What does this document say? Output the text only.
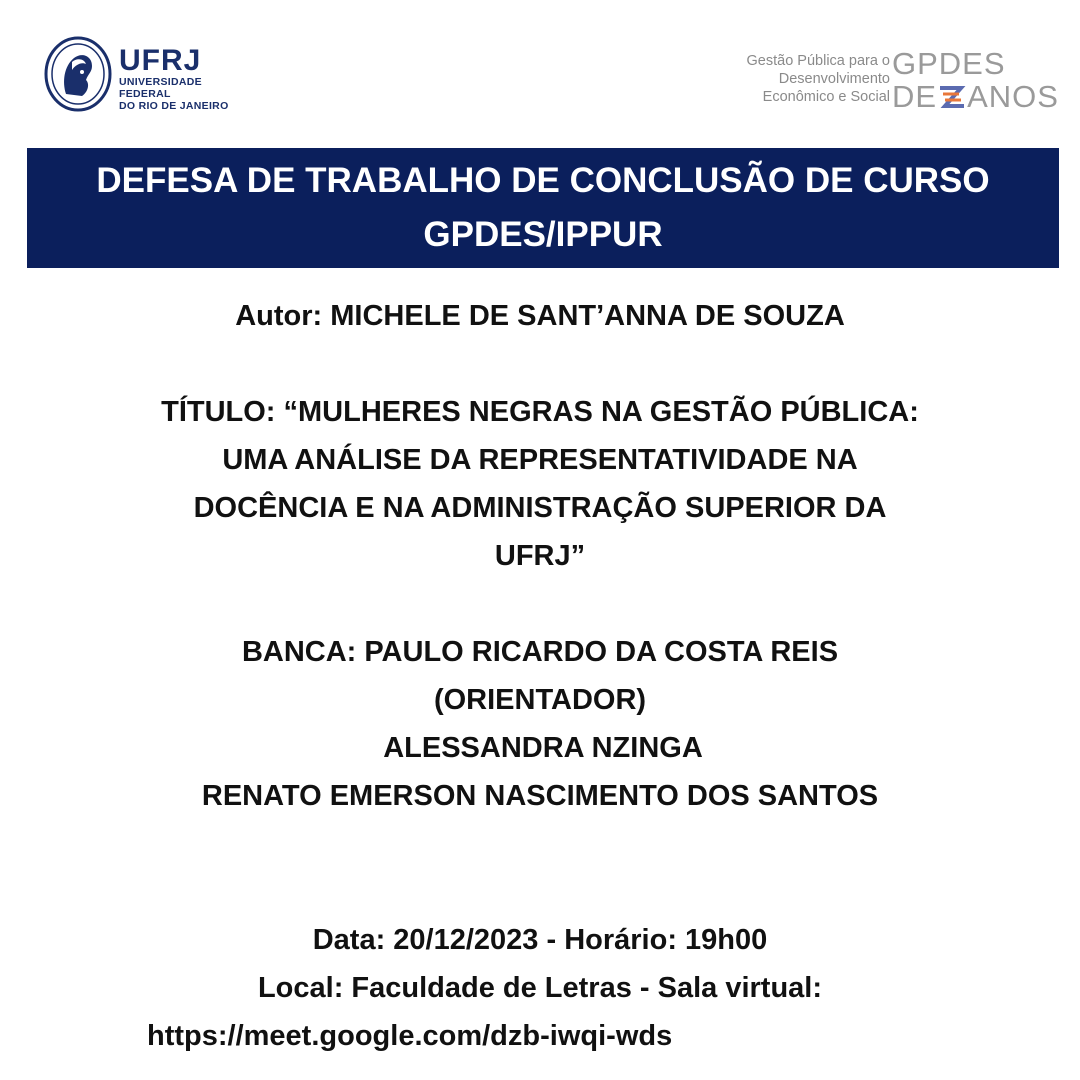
UFRJ
UNIVERSIDADE FEDERAL
DO RIO DE JANEIRO
Gestão Pública para o
Desenvolvimento
Econômico e Social
GPDES
DE ANOS
DEFESA DE TRABALHO DE CONCLUSÃO DE CURSO
GPDES/IPPUR
Autor: MICHELE DE SANT’ANNA DE SOUZA
TÍTULO: “MULHERES NEGRAS NA GESTÃO PÚBLICA:
UMA ANÁLISE DA REPRESENTATIVIDADE NA
DOCÊNCIA E NA ADMINISTRAÇÃO SUPERIOR DA
UFRJ”
BANCA: PAULO RICARDO DA COSTA REIS
(ORIENTADOR)
ALESSANDRA NZINGA
RENATO EMERSON NASCIMENTO DOS SANTOS
Data: 20/12/2023 - Horário: 19h00
Local: Faculdade de Letras - Sala virtual:
https://meet.google.com/dzb-iwqi-wds
